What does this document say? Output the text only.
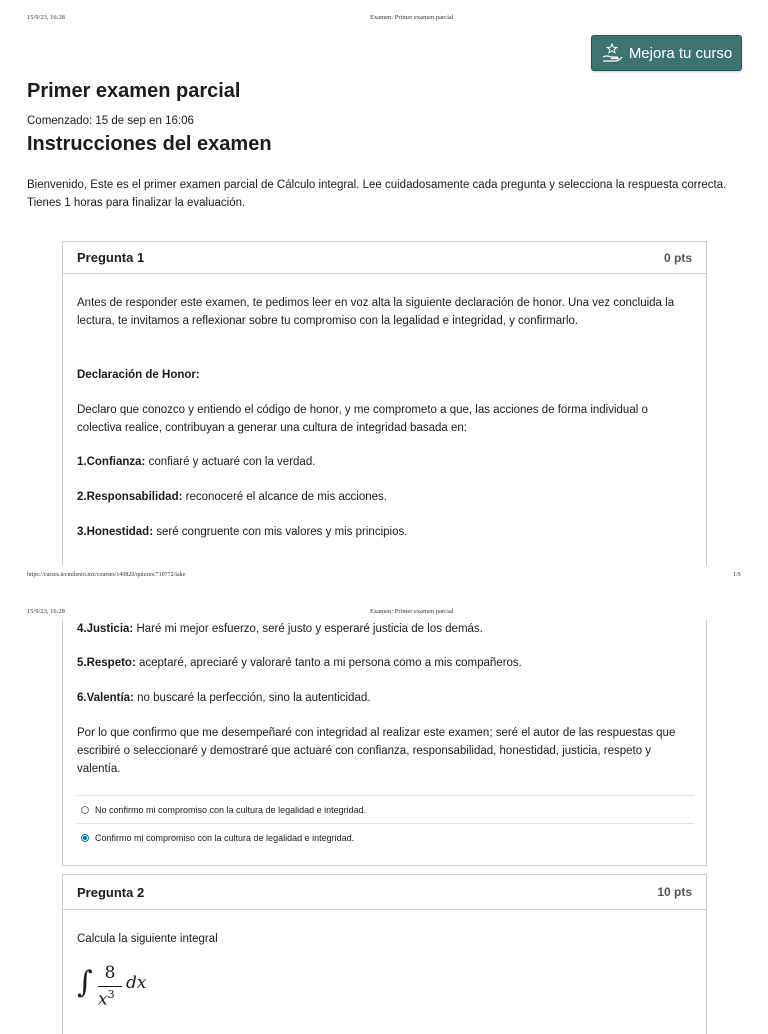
15/9/23, 16:28	Examen: Primer examen parcial
Mejora tu curso
Primer examen parcial
Comenzado: 15 de sep en 16:06
Instrucciones del examen
Bienvenido, Este es el primer examen parcial de Cálculo integral. Lee cuidadosamente cada pregunta y selecciona la respuesta correcta. Tienes 1 horas para finalizar la evaluación.
Pregunta 1	0 pts
Antes de responder este examen, te pedimos leer en voz alta la siguiente declaración de honor. Una vez concluida la lectura, te invitamos a reflexionar sobre tu compromiso con la legalidad e integridad, y confirmarlo.
Declaración de Honor:
Declaro que conozco y entiendo el código de honor, y me comprometo a que, las acciones de forma individual o colectiva realice, contribuyan a generar una cultura de integridad basada en:
1.Confianza: confiaré y actuaré con la verdad.
2.Responsabilidad: reconoceré el alcance de mis acciones.
3.Honestidad: seré congruente con mis valores y mis principios.
https://cursos.tecmilenio.mx/courses/140820/quizzes/710772/take	1/9
15/9/23, 16:28	Examen: Primer examen parcial
4.Justicia: Haré mi mejor esfuerzo, seré justo y esperaré justicia de los demás.
5.Respeto: aceptaré, apreciaré y valoraré tanto a mi persona como a mis compañeros.
6.Valentía: no buscaré la perfección, sino la autenticidad.
Por lo que confirmo que me desempeñaré con integridad al realizar este examen; seré el autor de las respuestas que escribiré o seleccionaré y demostraré que actuaré con confianza, responsabilidad, honestidad, justicia, respeto y valentía.
No confirmo mi compromiso con la cultura de legalidad e integridad.
Confirmo mi compromiso con la cultura de legalidad e integridad.
Pregunta 2	10 pts
Calcula la siguiente integral
∫ 8
$x^3$
dx
